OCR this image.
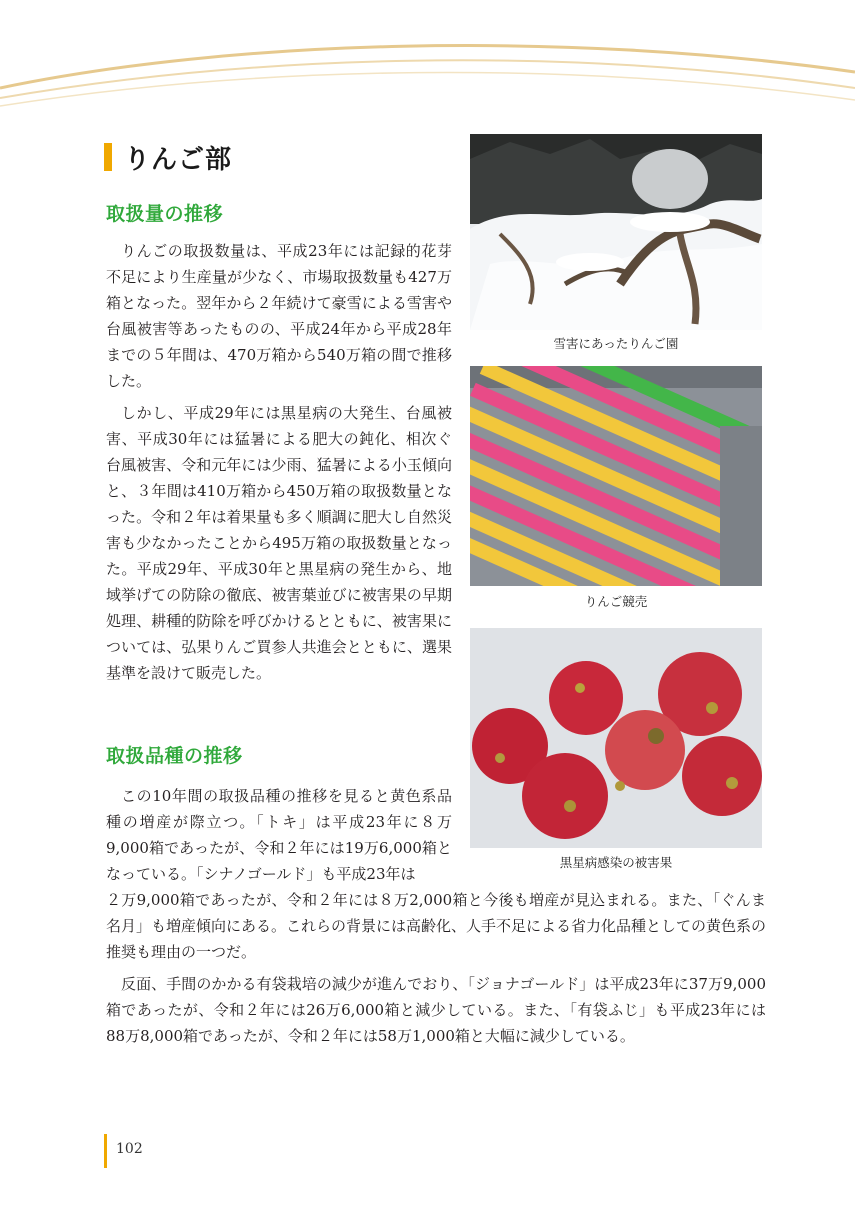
りんご部
取扱量の推移

りんごの取扱数量は、平成23年には記録的花芽不足により生産量が少なく、市場取扱数量も427万箱となった。翌年から２年続けて豪雪による雪害や台風被害等あったものの、平成24年から平成28年までの５年間は、470万箱から540万箱の間で推移した。

しかし、平成29年には黒星病の大発生、台風被害、平成30年には猛暑による肥大の鈍化、相次ぐ台風被害、令和元年には少雨、猛暑による小玉傾向と、３年間は410万箱から450万箱の取扱数量となった。令和２年は着果量も多く順調に肥大し自然災害も少なかったことから495万箱の取扱数量となった。平成29年、平成30年と黒星病の発生から、地域挙げての防除の徹底、被害葉並びに被害果の早期処理、耕種的防除を呼びかけるとともに、被害果については、弘果りんご買参人共進会とともに、選果基準を設けて販売した。

取扱品種の推移

この10年間の取扱品種の推移を見ると黄色系品種の増産が際立つ。「トキ」は平成23年に８万9,000箱であったが、令和２年には19万6,000箱となっている。「シナノゴールド」も平成23年は

２万9,000箱であったが、令和２年には８万2,000箱と今後も増産が見込まれる。また、「ぐんま名月」も増産傾向にある。これらの背景には高齢化、人手不足による省力化品種としての黄色系の推奨も理由の一つだ。

反面、手間のかかる有袋栽培の減少が進んでおり、「ジョナゴールド」は平成23年に37万9,000箱であったが、令和２年には26万6,000箱と減少している。また、「有袋ふじ」も平成23年には88万8,000箱であったが、令和２年には58万1,000箱と大幅に減少している。

雪害にあったりんご園
りんご競売
黒星病感染の被害果
102
